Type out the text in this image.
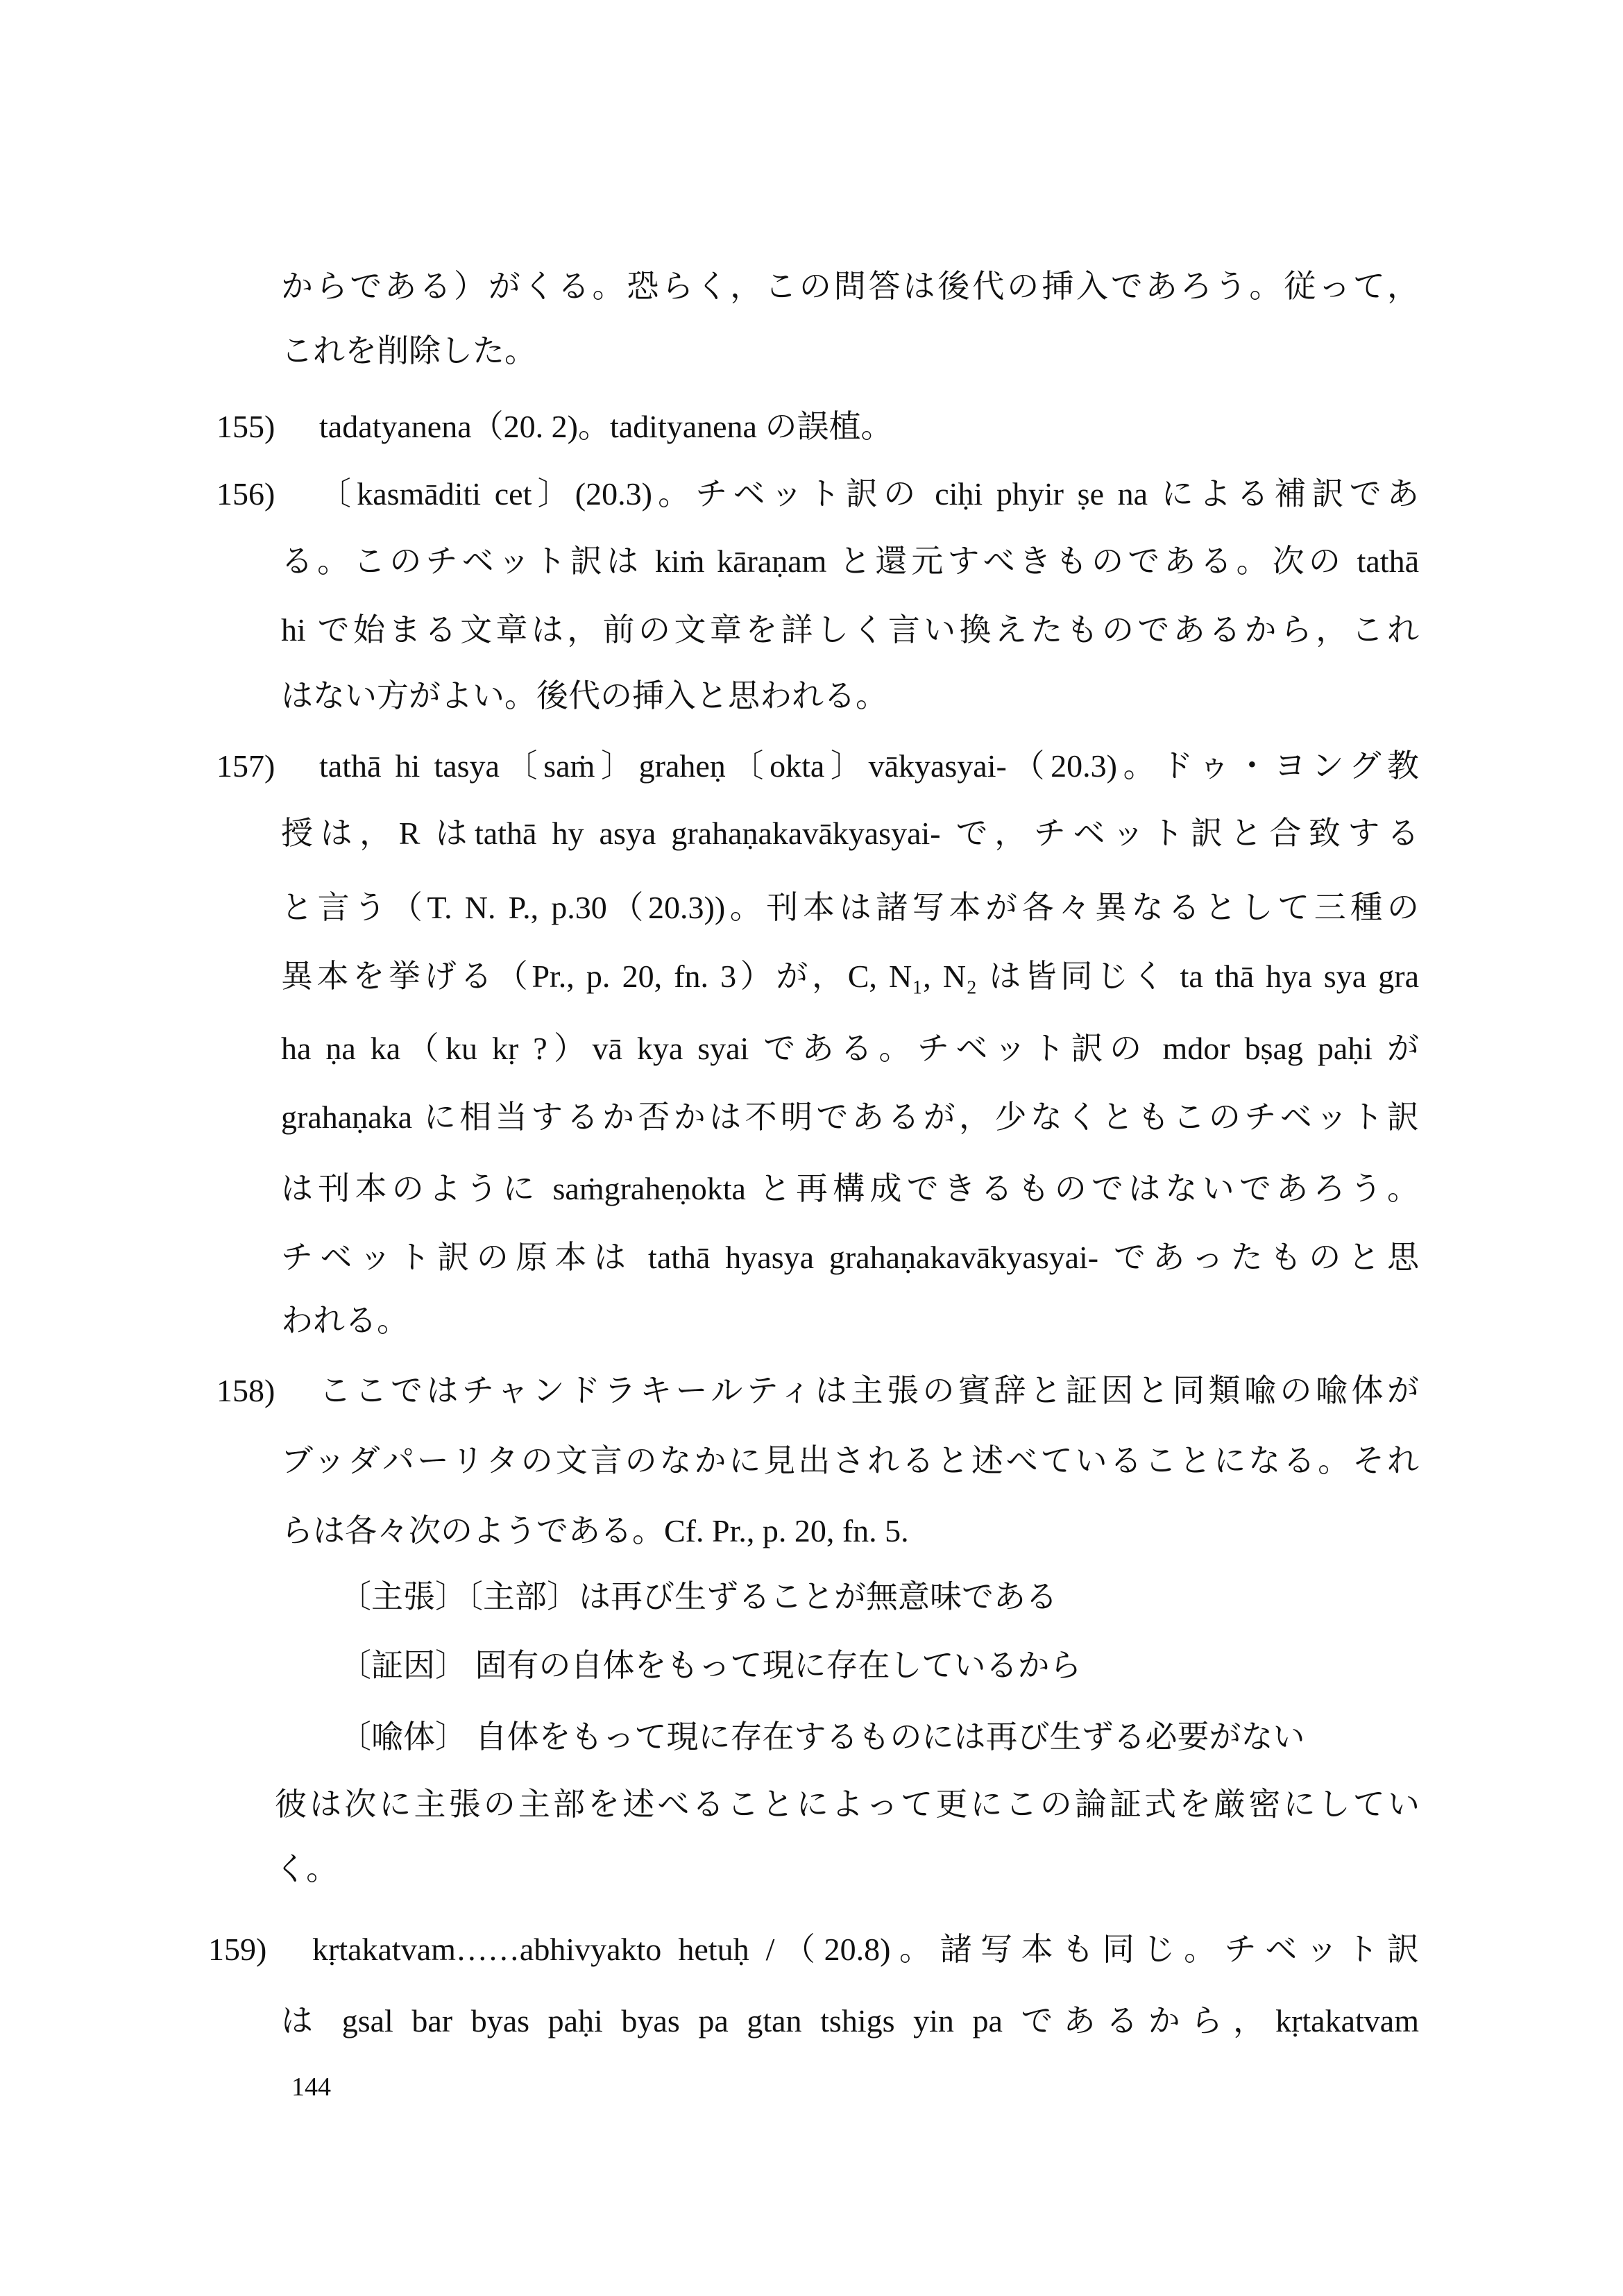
からである）がくる。恐らく，この問答は後代の挿入であろう。従って，
これを削除した。
155) tadatyanena（20. 2)。tadityanena の誤植。
156) 〔kasmāditi cet〕(20.3)。チベット訳の ciḥi phyir ṣe na による補訳であ
る。このチベット訳は kiṁ kāraṇam と還元すべきものである。次の tathā
hi で始まる文章は，前の文章を詳しく言い換えたものであるから，これ
はない方がよい。後代の挿入と思われる。
157) tathā hi tasya〔saṁ〕graheṇ〔okta〕vākyasyai-（20.3)。ドゥ・ヨング教
授は，R はtathā hy asya grahaṇakavākyasyai- で，チベット訳と合致する
と言う（T. N. P., p.30（20.3))。刊本は諸写本が各々異なるとして三種の
異本を挙げる（Pr., p. 20, fn. 3）が，C, N₁, N₂ は皆同じく ta thā hya sya gra
ha ṇa ka（ku kṛ ?）vā kya syai である。チベット訳の mdor bṣag paḥi が
grahaṇaka に相当するか否かは不明であるが，少なくともこのチベット訳
は刊本のように saṁgraheṇokta と再構成できるものではないであろう。
チベット訳の原本は tathā hyasya grahaṇakavākyasyai- であったものと思
われる。
158) ここではチャンドラキールティは主張の賓辞と証因と同類喩の喩体が
ブッダパーリタの文言のなかに見出されると述べていることになる。それ
らは各々次のようである。Cf. Pr., p. 20, fn. 5.
〔主張〕〔主部〕は再び生ずることが無意味である
〔証因〕 固有の自体をもって現に存在しているから
〔喩体〕 自体をもって現に存在するものには再び生ずる必要がない
彼は次に主張の主部を述べることによって更にこの論証式を厳密にしてい
く。
159) kṛtakatvam……abhivyakto hetuḥ /（20.8)。諸写本も同じ。チベット訳
は gsal bar byas paḥi byas pa gtan tshigs yin pa であるから，kṛtakatvam
144
